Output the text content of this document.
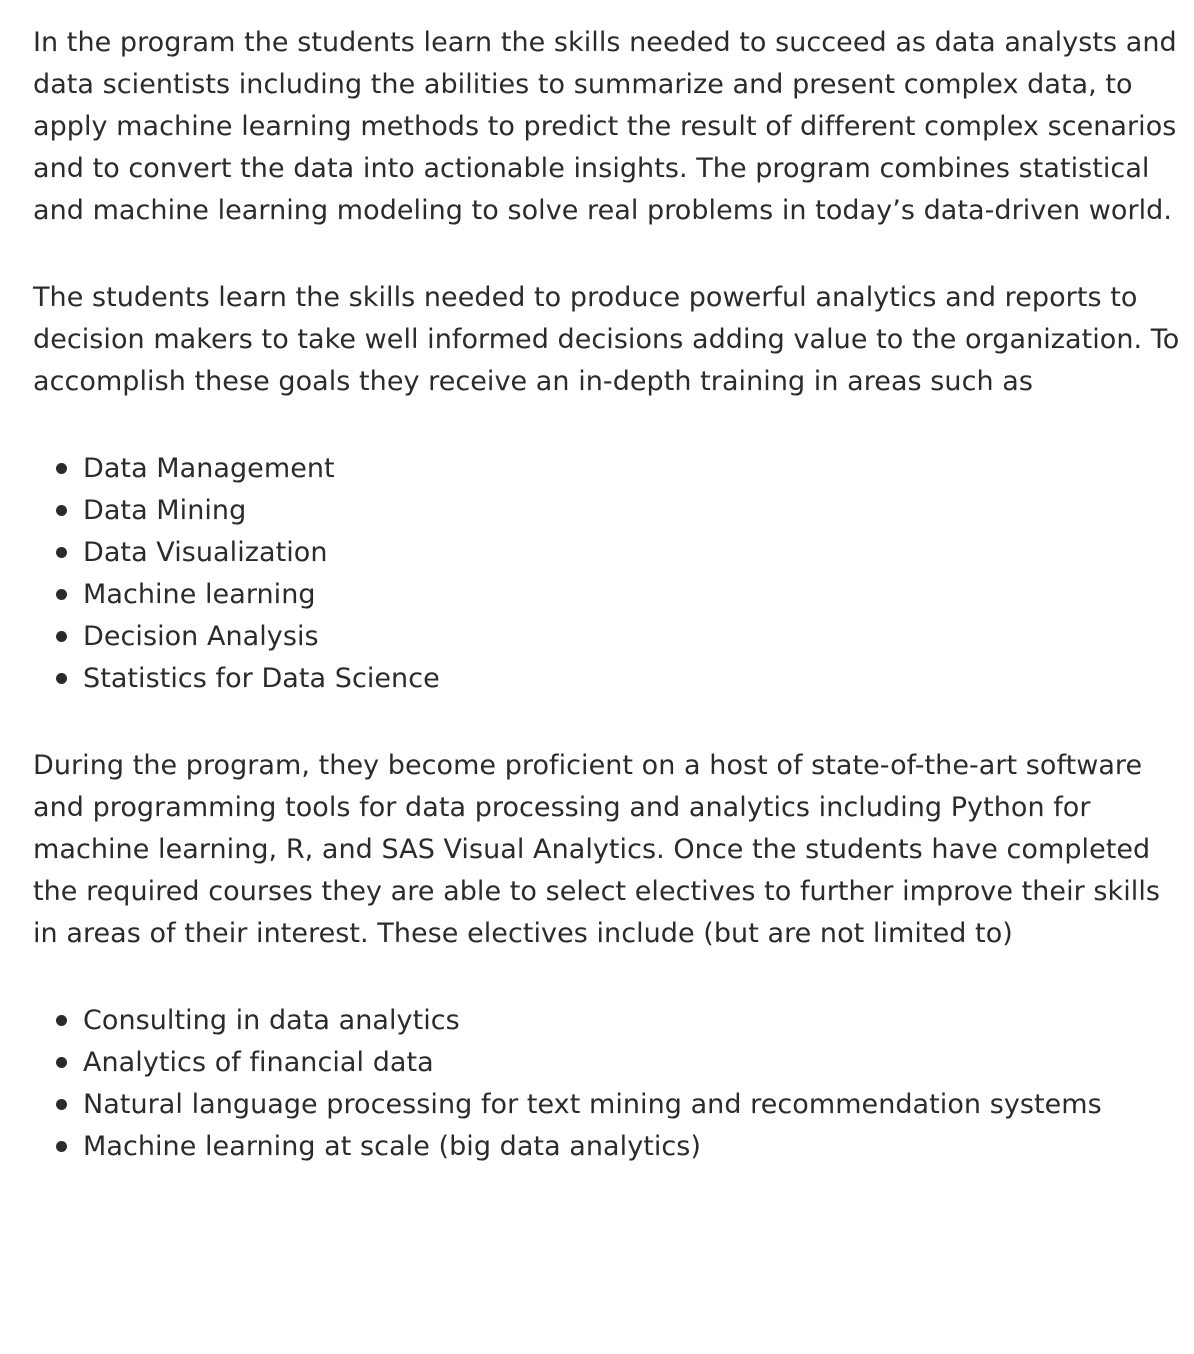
In the program the students learn the skills needed to succeed as data analysts and data scientists including the abilities to summarize and present complex data, to apply machine learning methods to predict the result of different complex scenarios and to convert the data into actionable insights. The program combines statistical and machine learning modeling to solve real problems in today’s data-driven world.

The students learn the skills needed to produce powerful analytics and reports to decision makers to take well informed decisions adding value to the organization. To accomplish these goals they receive an in-depth training in areas such as

Data Management
Data Mining
Data Visualization
Machine learning
Decision Analysis
Statistics for Data Science

During the program, they become proficient on a host of state-of-the-art software and programming tools for data processing and analytics including Python for machine learning, R, and SAS Visual Analytics. Once the students have completed the required courses they are able to select electives to further improve their skills in areas of their interest. These electives include (but are not limited to)

Consulting in data analytics
Analytics of financial data
Natural language processing for text mining and recommendation systems
Machine learning at scale (big data analytics)
